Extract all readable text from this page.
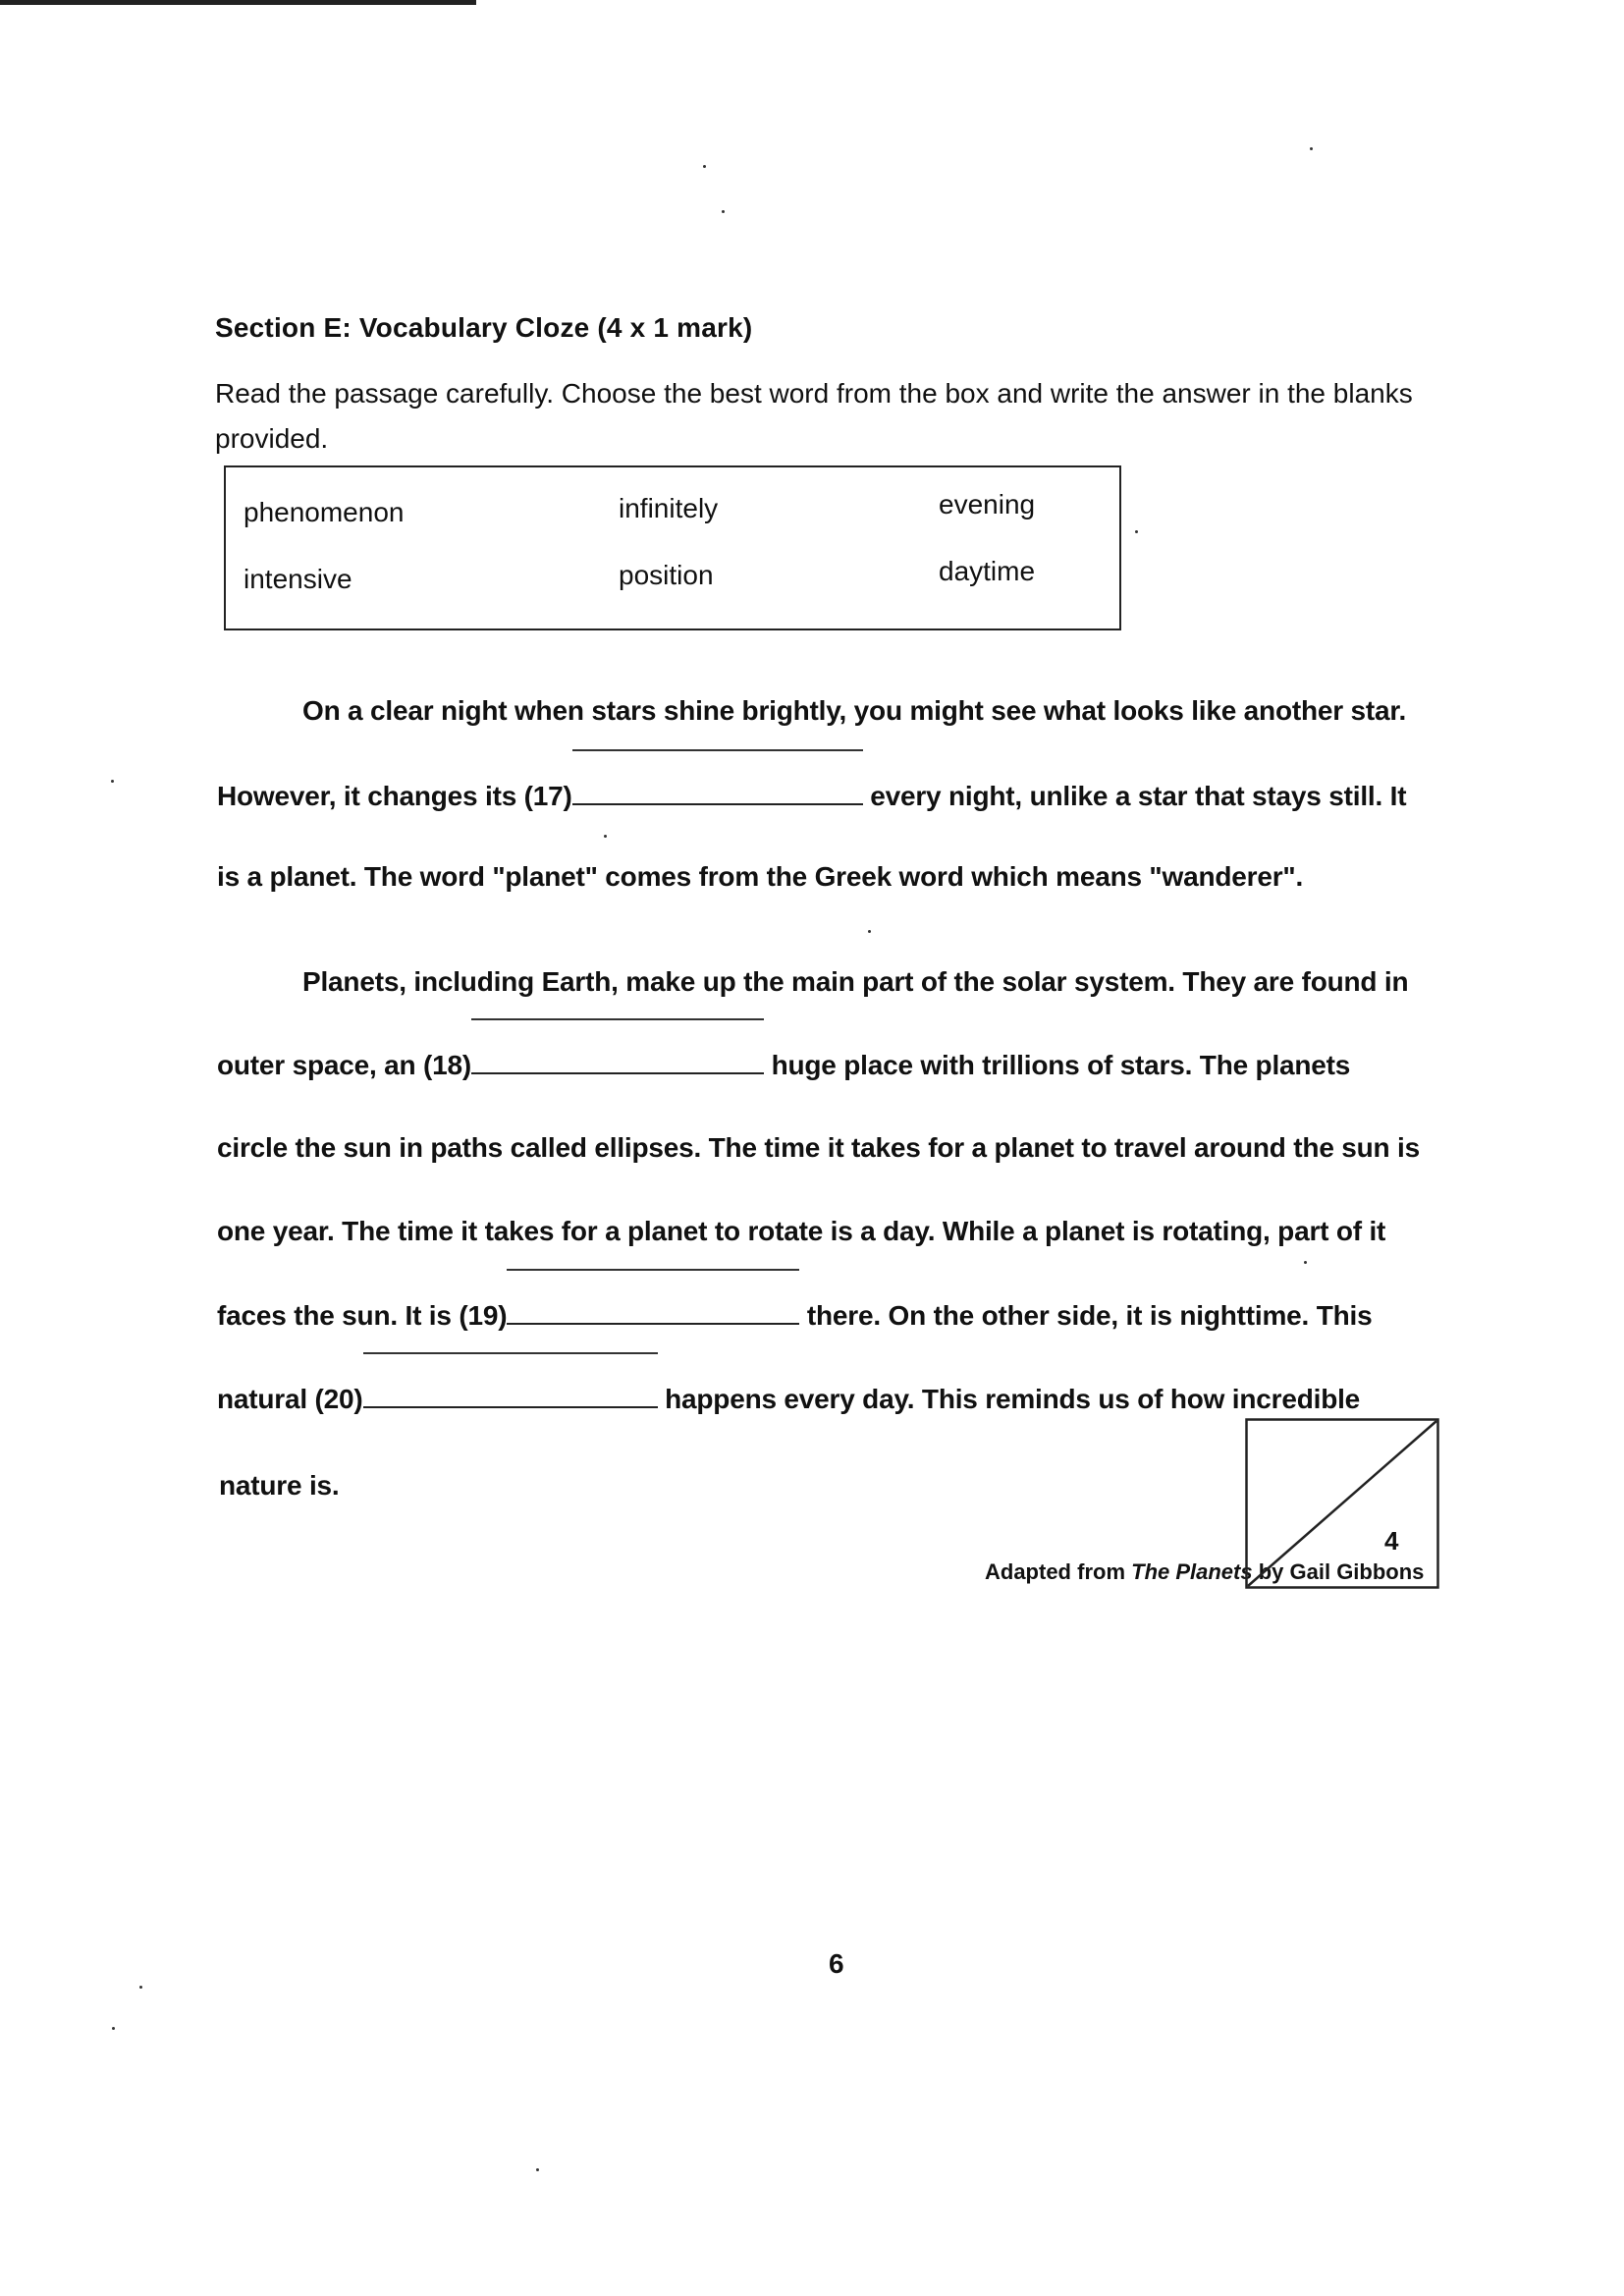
Section E: Vocabulary Cloze (4 x 1 mark)
Read the passage carefully. Choose the best word from the box and write the answer in the blanks provided.
phenomenon	infinitely	evening
intensive	position	daytime
On a clear night when stars shine brightly, you might see what looks like another star.
However, it changes its (17)	every night, unlike a star that stays still. It
is a planet. The word "planet" comes from the Greek word which means "wanderer".
Planets, including Earth, make up the main part of the solar system. They are found in
outer space, an (18)	huge place with trillions of stars. The planets
circle the sun in paths called ellipses. The time it takes for a planet to travel around the sun is
one year. The time it takes for a planet to rotate is a day. While a planet is rotating, part of it
faces the sun. It is (19)	there. On the other side, it is nighttime. This
natural (20)	happens every day. This reminds us of how incredible
nature is.
Adapted from The Planets by Gail Gibbons
4
6
